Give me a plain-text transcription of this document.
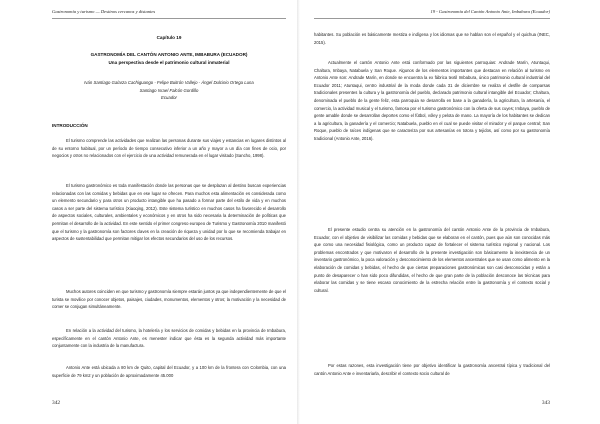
Gastronomía y turismo — Destinos cercanos y distantes
Capítulo 19
GASTRONOMÍA DEL CANTÓN ANTONIO ANTE, IMBABURA (ECUADOR)
Una perspectiva desde el patrimonio cultural inmaterial
Iván Santiago Galarza Cachiguango - Felipe Buitrón Vallejo - Ángel Dulcinio Ortega Luna
Santiago Israel Falcón Gordillo
Ecuador
INTRODUCCIÓN

El turismo comprende las actividades que realizan las personas durante sus viajes y estancias en lugares distintos al de su entorno habitual, por un período de tiempo consecutivo inferior a un año y mayor a un día con fines de ocio, por negocios y otros no relacionados con el ejercicio de una actividad remunerada en el lugar visitado (Sancho, 1998).

El turismo gastronómico es toda manifestación donde las personas que se desplazan al destino buscan experiencias relacionadas con las comidas y bebidas que en ese lugar se ofrecen. Para muchos esta alimentación es considerada como un elemento secundario y para otros un producto intangible que ha pasado a formar parte del estilo de vida y en muchos casos a ser parte del sistema turístico (Xiaoqing, 2012). Este sistema turístico en muchos casos ha favorecido el desarrollo de aspectos sociales, culturales, ambientales y económicos y en otros ha sido necesaria la determinación de políticas que permitan el desarrollo de la actividad. En este sentido el primer congreso europeo de Turismo y Gastronomía 2010 manifestó que el turismo y la gastronomía son factores claves en la creación de riqueza y unidad por lo que se recomienda trabajar en aspectos de sustentabilidad que permitan mitigar los efectos secundarios del uso de los recursos.

Muchos autores coinciden en que turismo y gastronomía siempre estarán juntos ya que independientemente de que el turista se movilice por conocer objetos, paisajes, ciudades, monumentos, elementos y otros; la motivación y la necesidad de comer se conjugan simultáneamente.

En relación a la actividad del turismo, la hotelería y los servicios de comidas y bebidas en la provincia de Imbabura, específicamente en el cantón Antonio Ante, es menester indicar que ésta es la segunda actividad más importante conjuntamente con la industria de la manufactura.

Antonio Ante está ubicada a 80 km de Quito, capital del Ecuador, y a 100 km de la frontera con Colombia, con una superficie de 79 km2 y un población de aproximadamente 45.000

342
19 - Gastronomía del Cantón Antonio Ante, Imbabura (Ecuador)

habitantes. Su población es básicamente mestiza e indígena y los idiomas que se hablan son el español y el quichua (INEC, 2015).

Actualmente el cantón Antonio Ante está conformado por las siguientes parroquias: Andrade Marín, Atuntaqui, Chaltura, Imbaya, Natabuela y San Roque. Algunos de los elementos importantes que destacan en relación al turismo en Antonio Ante son: Andrade Marín, en donde se encuentra la ex fábrica textil Imbabura, único patrimonio cultural industrial del Ecuador 2011; Atuntaqui, centro industrial de la moda donde cada 31 de diciembre se realiza el desfile de comparsas tradicionales presentes la cultura y la gastronomía del pueblo, declarado patrimonio cultural intangible del Ecuador; Chaltura, denominada el pueblo de la gente feliz, esta parroquia se desarrolla en base a la ganadería, la agricultura, la artesanía, el comercio, la actividad musical y el turismo, famosa por el turismo gastronómico con la oferta de sus cuyes; Imbaya, pueblo de gente amable donde se desarrollan deportes como el fútbol, vóley y pelota de mano. La mayoría de los habitantes se dedican a la agricultura, la ganadería y el comercio; Natabuela, pueblo en el cual se puede visitar el mirador y el parque central; San Roque, pueblo de raíces indígenas que se caracteriza por sus artesanías en totora y tejidos, así como por su gastronomía tradicional (Antonio Ante, 2016).

El presente estudio centra su atención en la gastronomía del cantón Antonio Ante de la provincia de Imbabura, Ecuador, con el objetivo de visibilizar las comidas y bebidas que se elaboran en el cantón, pues que aún son conocidas más que como una necesidad fisiológica, como un producto capaz de fortalecer el sistema turístico regional y nacional. Los problemas encontrados y que motivaron el desarrollo de la presente investigación son básicamente la inexistencia de un inventario gastronómico, la poca valoración y desconocimiento de los elementos ancestrales que se usan como alimento en la elaboración de comidas y bebidas, el hecho de que ciertas preparaciones gastronómicas son casi desconocidas y están a punto de desaparecer o han sido poco difundidas, el hecho de que gran parte de la población desconoce las técnicas para elaborar las comidas y se tiene escaso conocimiento de la estrecha relación entre la gastronomía y el contexto social y cultural.

Por estas razones, esta investigación tiene por objetivo identificar la gastronomía ancestral típica y tradicional del cantón Antonio Ante e inventariarla, describir el contexto socio cultural de

343
